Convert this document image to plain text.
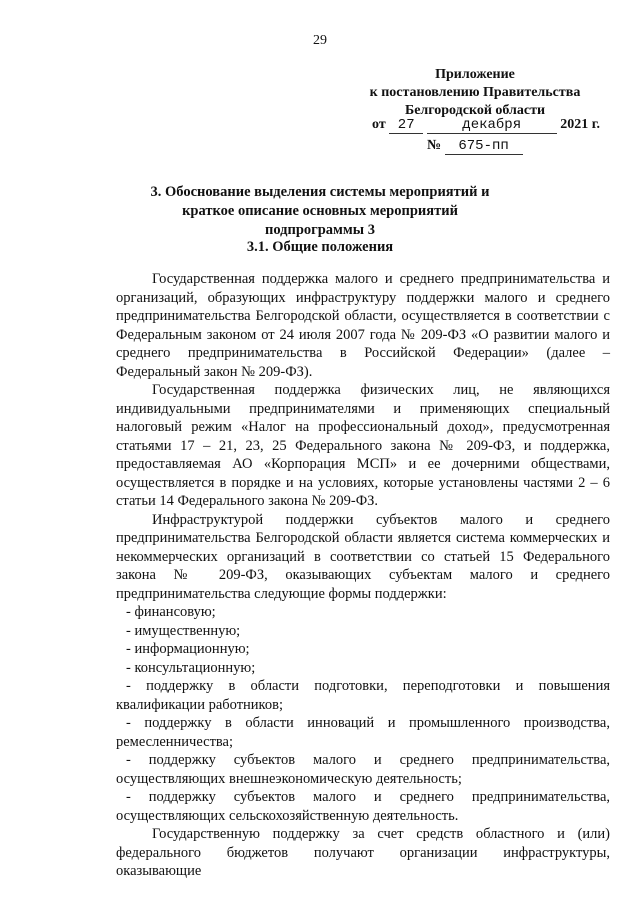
29
Приложение
к постановлению Правительства
Белгородской области
от 27	декабря	2021 г.
№ 675-пп
3. Обоснование выделения системы мероприятий и краткое описание основных мероприятий подпрограммы 3
3.1. Общие положения

Государственная поддержка малого и среднего предпринимательства и организаций, образующих инфраструктуру поддержки малого и среднего предпринимательства Белгородской области, осуществляется в соответствии с Федеральным законом от 24 июля 2007 года № 209-ФЗ «О развитии малого и среднего предпринимательства в Российской Федерации» (далее – Федеральный закон № 209-ФЗ).

Государственная поддержка физических лиц, не являющихся индивидуальными предпринимателями и применяющих специальный налоговый режим «Налог на профессиональный доход», предусмотренная статьями 17 – 21, 23, 25 Федерального закона № 209-ФЗ, и поддержка, предоставляемая АО «Корпорация МСП» и ее дочерними обществами, осуществляется в порядке и на условиях, которые установлены частями 2 – 6 статьи 14 Федерального закона № 209-ФЗ.

Инфраструктурой поддержки субъектов малого и среднего предпринимательства Белгородской области является система коммерческих и некоммерческих организаций в соответствии со статьей 15 Федерального закона № 209-ФЗ, оказывающих субъектам малого и среднего предпринимательства следующие формы поддержки:

- финансовую;

- имущественную;

- информационную;

- консультационную;

- поддержку в области подготовки, переподготовки и повышения квалификации работников;

- поддержку в области инноваций и промышленного производства, ремесленничества;

- поддержку субъектов малого и среднего предпринимательства, осуществляющих внешнеэкономическую деятельность;

- поддержку субъектов малого и среднего предпринимательства, осуществляющих сельскохозяйственную деятельность.

Государственную поддержку за счет средств областного и (или) федерального бюджетов получают организации инфраструктуры, оказывающие
